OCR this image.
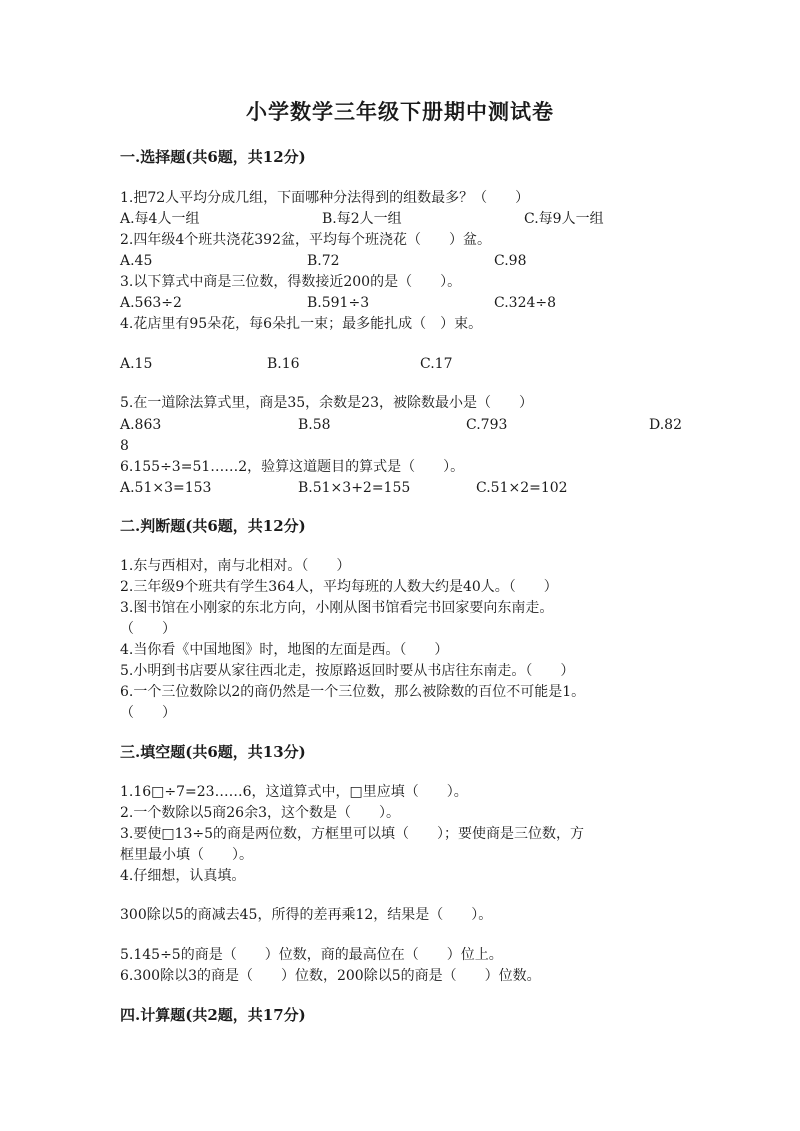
小学数学三年级下册期中测试卷
一.选择题(共6题，共12分)
1.把72人平均分成几组，下面哪种分法得到的组数最多？（　　）
A.每4人一组	B.每2人一组	C.每9人一组
2.四年级4个班共浇花392盆，平均每个班浇花（　　）盆。
A.45	B.72	C.98
3.以下算式中商是三位数，得数接近200的是（　　）。
A.563÷2	B.591÷3	C.324÷8
4.花店里有95朵花，每6朵扎一束；最多能扎成（　）束。
A.15	B.16	C.17
5.在一道除法算式里，商是35，余数是23，被除数最小是（　　）
A.863	B.58	C.793	D.82
8
6.155÷3=51……2，验算这道题目的算式是（　　）。
A.51×3=153	B.51×3+2=155	C.51×2=102
二.判断题(共6题，共12分)
1.东与西相对，南与北相对。（　　）
2.三年级9个班共有学生364人，平均每班的人数大约是40人。（　　）
3.图书馆在小刚家的东北方向，小刚从图书馆看完书回家要向东南走。
（　　）
4.当你看《中国地图》时，地图的左面是西。（　　）
5.小明到书店要从家往西北走，按原路返回时要从书店往东南走。（　　）
6.一个三位数除以2的商仍然是一个三位数，那么被除数的百位不可能是1。
（　　）
三.填空题(共6题，共13分)
1.16□÷7=23……6，这道算式中，□里应填（　　）。
2.一个数除以5商26余3，这个数是（　　）。
3.要使□13÷5的商是两位数，方框里可以填（　　）；要使商是三位数，方
框里最小填（　　）。
4.仔细想，认真填。
300除以5的商减去45，所得的差再乘12，结果是（　　）。
5.145÷5的商是（　　）位数，商的最高位在（　　）位上。
6.300除以3的商是（　　）位数，200除以5的商是（　　）位数。
四.计算题(共2题，共17分)
